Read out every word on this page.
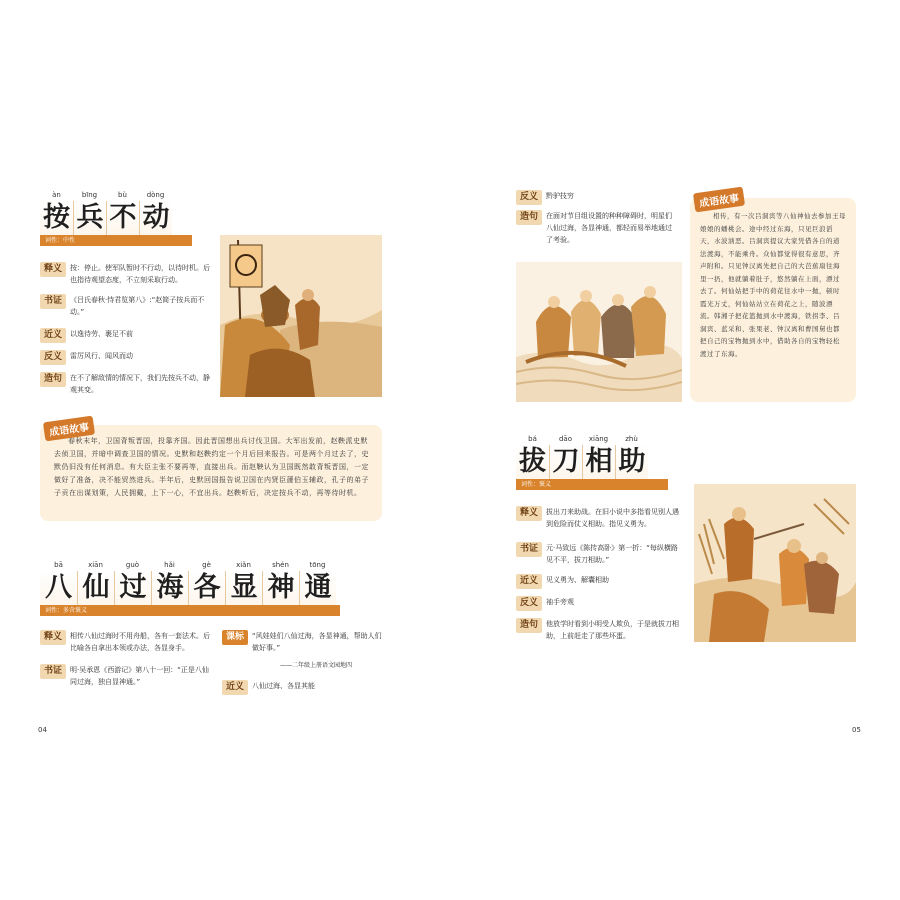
àn	bīng	bù	dòng
按 兵 不 动
词性：中性
释义	按：停止。使军队暂时不行动，以待时机。后也指待观望态度，不立刻采取行动。
书证	《吕氏春秋·恃君览第八》:“赵简子按兵而不动。”
近义	以逸待劳、裹足不前
反义	雷厉风行、闻风而动
造句	在不了解敌情的情况下，我们先按兵不动，静观其变。
成语故事

春秋末年，卫国背叛晋国，投靠齐国。因此晋国想出兵讨伐卫国。大军出发前，赵鞅派史默去侦卫国，并暗中调查卫国的情况。史默和赵鞅约定一个月后回来报告。可是两个月过去了，史默仍旧没有任何消息。有大臣主张不要再等，直接出兵。而赵鞅认为卫国既然敢背叛晋国，一定做好了准备，决不能贸然进兵。半年后，史默回国报告说卫国在内贤臣蘧伯玉辅政，孔子的弟子子贡在出谋划策，人民拥戴，上下一心，不宜出兵。赵鞅听后，决定按兵不动，再等待时机。

bā	xiān	guò	hǎi	gè	xiǎn	shén	tōng
八 仙 过 海 各 显 神 通
词性：多含褒义
释义	相传八仙过海时不用舟船，各有一套法术。后比喻各自拿出本领或办法，各显身手。
书证	明·吴承恩《西游记》第八十一回：“正是八仙同过海，独自显神通。”
课标	“风娃娃们八仙过海，各显神通，帮助人们做好事。”
——二年级上册语文园地四
近义	八仙过海、各显其能
04
反义	黔驴技穷
造句	在面对节目组设置的种种障碍时，明星们八仙过海，各显神通，都轻而易举地通过了考验。
成语故事

相传，有一次吕洞宾等八仙神仙去参加王母娘娘的蟠桃会。途中经过东海，只见巨浪滔天，水波汹恶。吕洞宾提议大家凭借各自的道法渡海，不能乘舟。众仙都觉得很有意思，齐声附和。只见钟汉离先把自己的大芭蕉扇往海里一扔，他就躺着肚子，悠然躺在上面，漂过去了。何仙姑把手中的荷花往水中一抛，顿时霞光万丈，何仙姑站立在荷花之上，随波漂流。韩湘子把花篮抛到水中渡海，铁拐李、吕洞宾、蓝采和、张果老、钟汉离和曹国舅也都把自己的宝物抛到水中，借助各自的宝物轻松渡过了东海。

bá	dāo	xiāng	zhù
拔 刀 相 助
词性：褒义
释义	拔出刀来助战。在旧小说中多指看见别人遇到危险而仗义相助。指见义勇为。
书证	元·马致远《陈抟高卧》第一折：“每纵横路见不平，拔刀相助。”
近义	见义勇为、解囊相助
反义	袖手旁观
造句	他放学时看到小明受人欺负，于是就拔刀相助，上前赶走了那些坏蛋。
05
